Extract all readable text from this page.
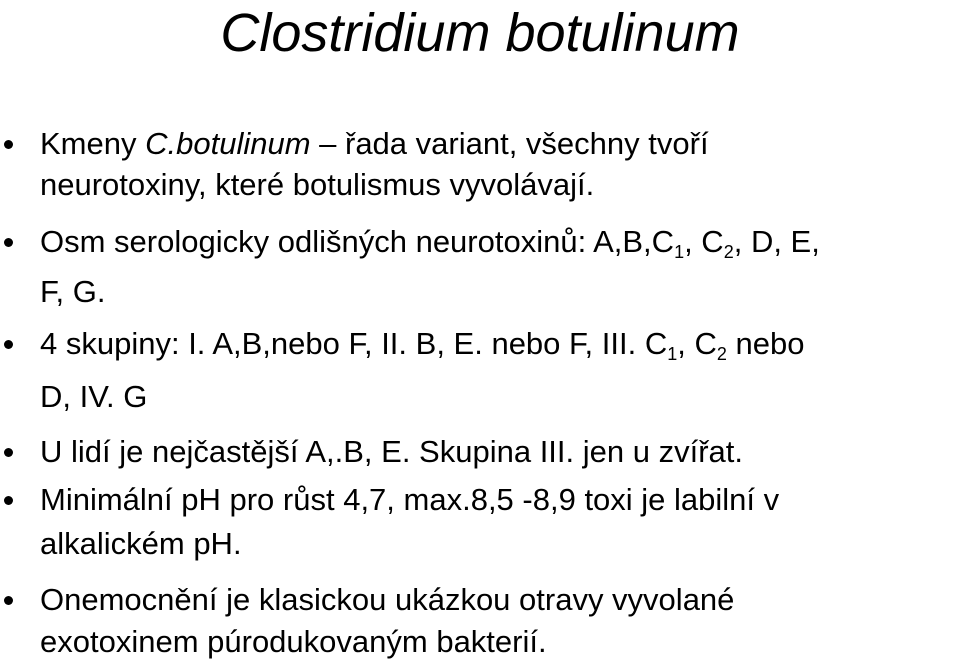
Clostridium botulinum
Kmeny C.botulinum – řada variant, všechny tvoří
neurotoxiny, které botulismus vyvolávají.
Osm serologicky odlišných neurotoxinů: $A,B,C_1$, $C_2$, D, E,
F, G.
4 skupiny: I. A,B,nebo F, II. B, E. nebo F, III. $C_1$, $C_2$ nebo
D, IV. G
U lidí je nejčastější A,.B, E. Skupina III. jen u zvířat.
Minimální pH pro růst 4,7, max.8,5 -8,9 toxi je labilní v
alkalickém pH.
Onemocnění je klasickou ukázkou otravy vyvolané
exotoxinem púrodukovaným bakterií.
